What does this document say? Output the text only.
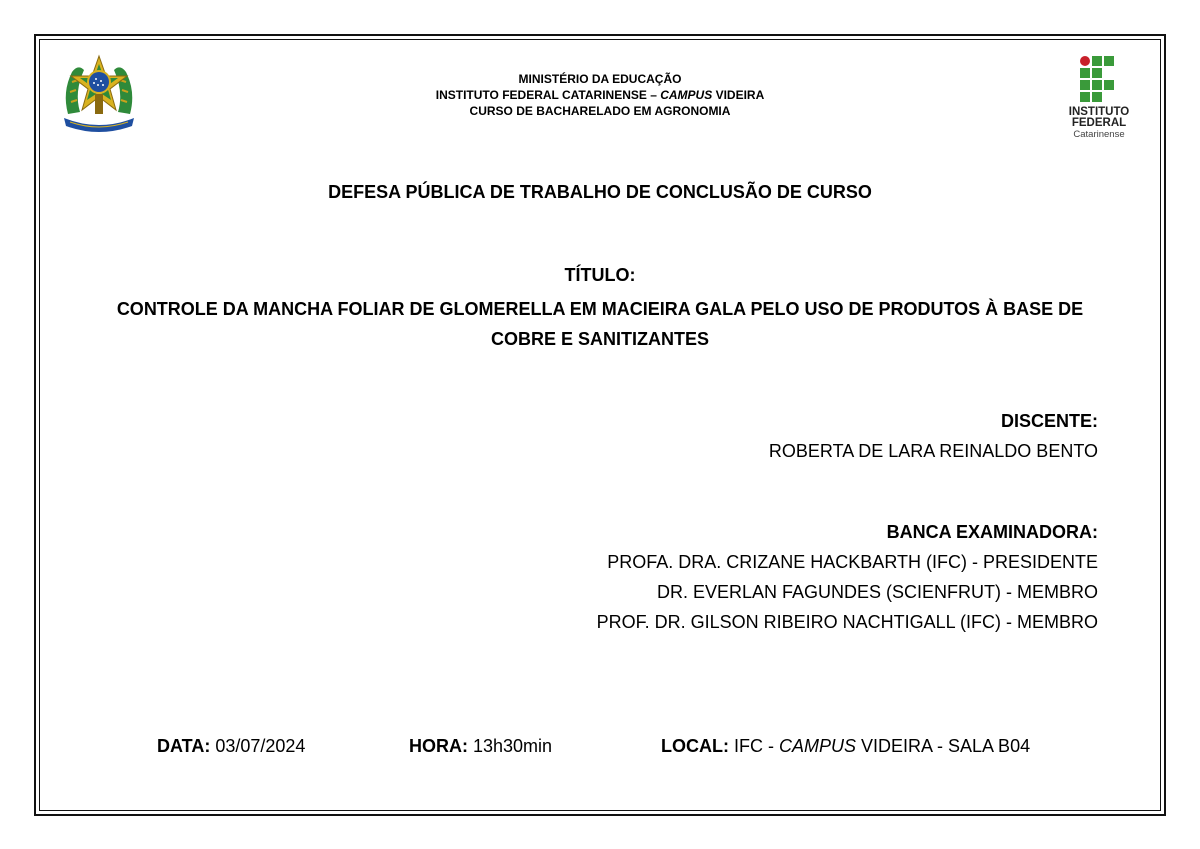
INSTITUTO
FEDERAL
Catarinense
MINISTÉRIO DA EDUCAÇÃO
INSTITUTO FEDERAL CATARINENSE – CAMPUS VIDEIRA
CURSO DE BACHARELADO EM AGRONOMIA
DEFESA PÚBLICA DE TRABALHO DE CONCLUSÃO DE CURSO
TÍTULO:
CONTROLE DA MANCHA FOLIAR DE GLOMERELLA EM MACIEIRA GALA PELO USO DE PRODUTOS À BASE DE COBRE E SANITIZANTES
DISCENTE:
ROBERTA DE LARA REINALDO BENTO
BANCA EXAMINADORA:
PROFA. DRA. CRIZANE HACKBARTH (IFC) - PRESIDENTE
DR. EVERLAN FAGUNDES (SCIENFRUT) - MEMBRO
PROF. DR. GILSON RIBEIRO NACHTIGALL (IFC) - MEMBRO
DATA: 03/07/2024	HORA: 13h30min	LOCAL: IFC - CAMPUS VIDEIRA - SALA B04
